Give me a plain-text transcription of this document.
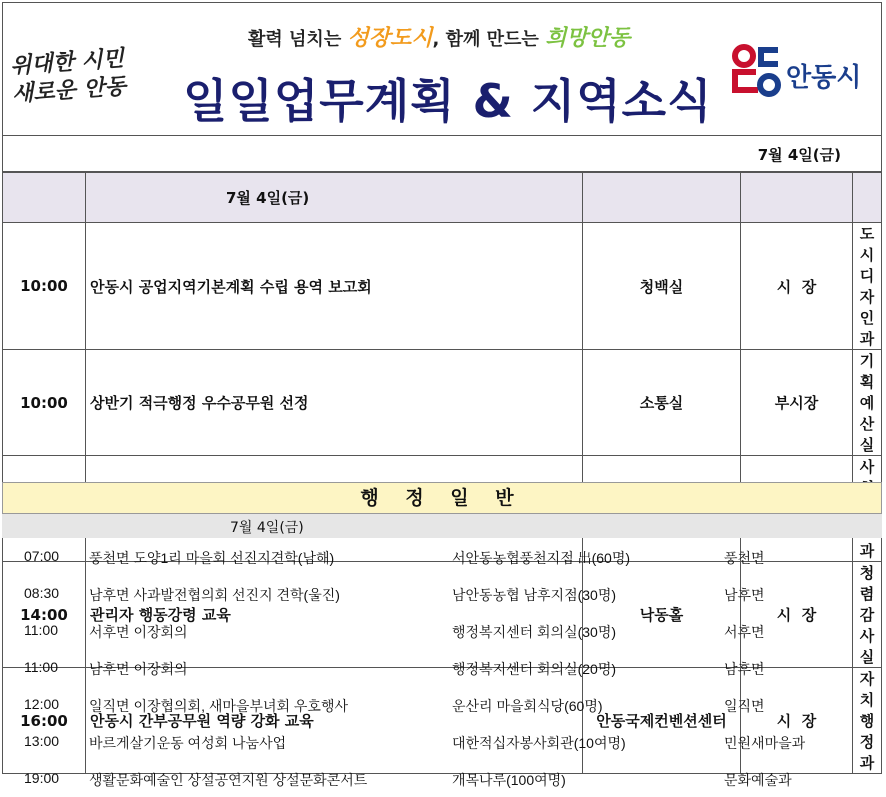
위대한 시민
새로운 안동
활력 넘치는 성장도시, 함께 만드는 희망안동
일일업무계획 & 지역소식	안동시
7월 4일(금)
	7월 4일(금)			
10:00	안동시 공업지역기본계획 수립 용역 보고회	청백실	시  장	도시디자인과
10:00	상반기 적극행정 우수공무원 선정	소통실	부시장	기획예산실
				사 과
14:00	관리자 행동강령 교육	낙동홀	시  장	청렴감사실
16:00	안동시 간부공무원 역량 강화 교육	안동국제컨벤션센터	시  장	자치행정과
행 정 일 반
7월 4일(금)
07:00 풍천면 도양1리 마을회 선진지견학(남해)	서안동농협풍천지점 出(60명)	풍천면
08:30 남후면 사과발전협의회 선진지 견학(울진)	남안동농협 남후지점(30명)	남후면
11:00 서후면 이장회의	행정복지센터 회의실(30명)	서후면
11:00 남후면 이장회의	행정복지센터 회의실(20명)	남후면
12:00 일직면 이장협의회, 새마을부녀회 우호행사	운산리 마을회식당(60명)	일직면
13:00 바르게살기운동 여성회 나눔사업	대한적십자봉사회관(10여명)	민원새마을과
19:00 생활문화예술인 상설공연지원 상설문화콘서트	개목나루(100여명)	문화예술과
